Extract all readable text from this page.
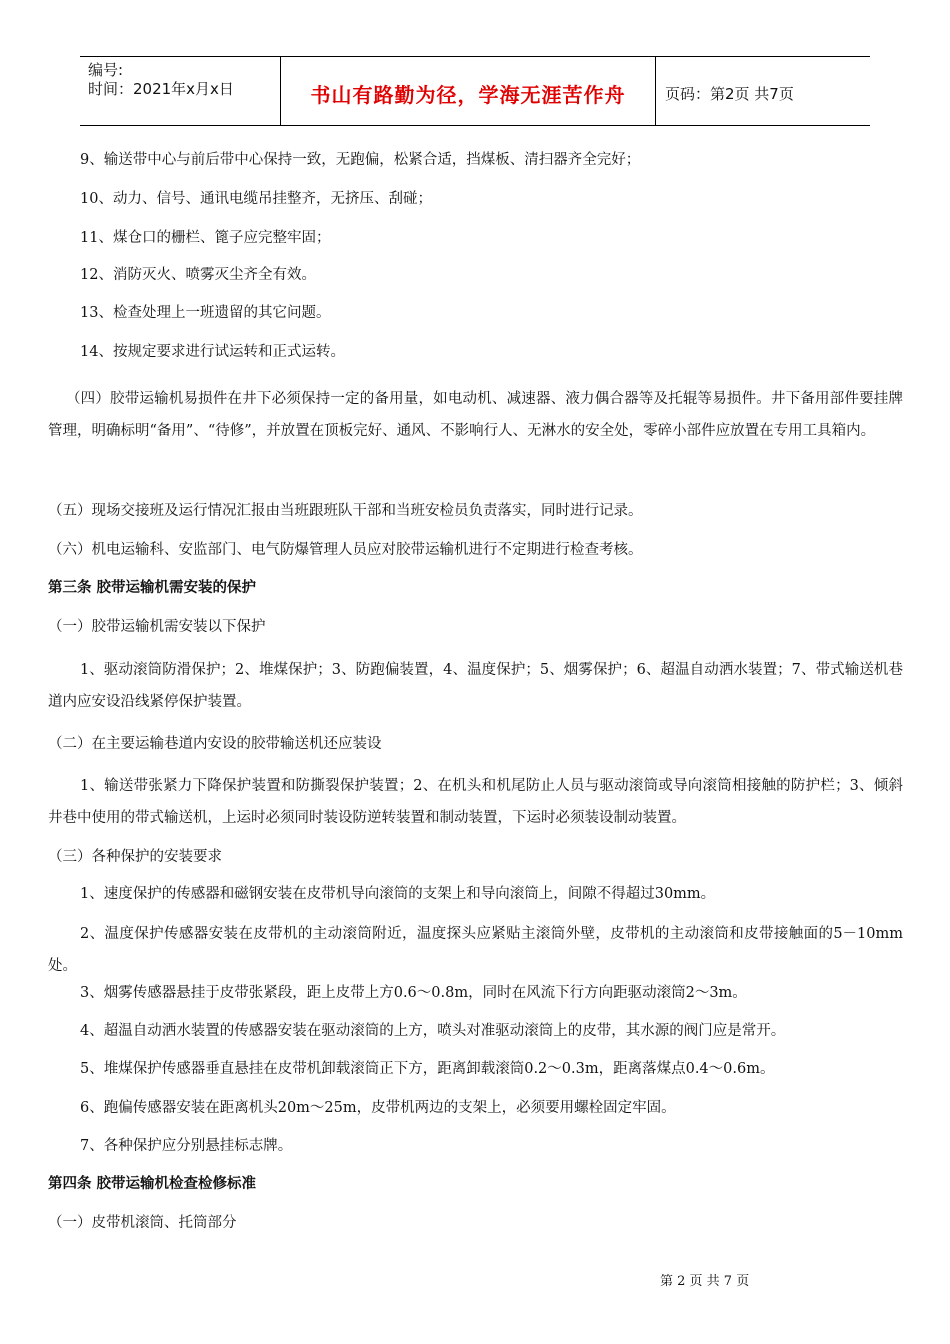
编号:
时间：2021年x月x日	书山有路勤为径，学海无涯苦作舟	页码：第2页 共7页
9、输送带中心与前后带中心保持一致，无跑偏，松紧合适，挡煤板、清扫器齐全完好；
10、动力、信号、通讯电缆吊挂整齐，无挤压、刮碰；
11、煤仓口的栅栏、篦子应完整牢固；
12、消防灭火、喷雾灭尘齐全有效。
13、检查处理上一班遗留的其它问题。
14、按规定要求进行试运转和正式运转。
（四）胶带运输机易损件在井下必须保持一定的备用量，如电动机、减速器、液力偶合器等及托辊等易损件。井下备用部件要挂牌管理，明确标明“备用”、“待修”，并放置在顶板完好、通风、不影响行人、无淋水的安全处，零碎小部件应放置在专用工具箱内。
（五）现场交接班及运行情况汇报由当班跟班队干部和当班安检员负责落实，同时进行记录。
（六）机电运输科、安监部门、电气防爆管理人员应对胶带运输机进行不定期进行检查考核。
第三条 胶带运输机需安装的保护
（一）胶带运输机需安装以下保护
1、驱动滚筒防滑保护；2、堆煤保护；3、防跑偏装置，4、温度保护；5、烟雾保护；6、超温自动洒水装置；7、带式输送机巷道内应安设沿线紧停保护装置。
（二）在主要运输巷道内安设的胶带输送机还应装设
1、输送带张紧力下降保护装置和防撕裂保护装置；2、在机头和机尾防止人员与驱动滚筒或导向滚筒相接触的防护栏；3、倾斜井巷中使用的带式输送机，上运时必须同时装设防逆转装置和制动装置，下运时必须装设制动装置。
（三）各种保护的安装要求
1、速度保护的传感器和磁钢安装在皮带机导向滚筒的支架上和导向滚筒上，间隙不得超过30mm。
2、温度保护传感器安装在皮带机的主动滚筒附近，温度探头应紧贴主滚筒外壁，皮带机的主动滚筒和皮带接触面的5－10mm处。
3、烟雾传感器悬挂于皮带张紧段，距上皮带上方0.6～0.8m，同时在风流下行方向距驱动滚筒2～3m。
4、超温自动洒水装置的传感器安装在驱动滚筒的上方，喷头对准驱动滚筒上的皮带，其水源的阀门应是常开。
5、堆煤保护传感器垂直悬挂在皮带机卸载滚筒正下方，距离卸载滚筒0.2～0.3m，距离落煤点0.4～0.6m。
6、跑偏传感器安装在距离机头20m～25m，皮带机两边的支架上，必须要用螺栓固定牢固。
7、各种保护应分别悬挂标志牌。
第四条 胶带运输机检查检修标准
（一）皮带机滚筒、托筒部分
第 2 页 共 7 页
